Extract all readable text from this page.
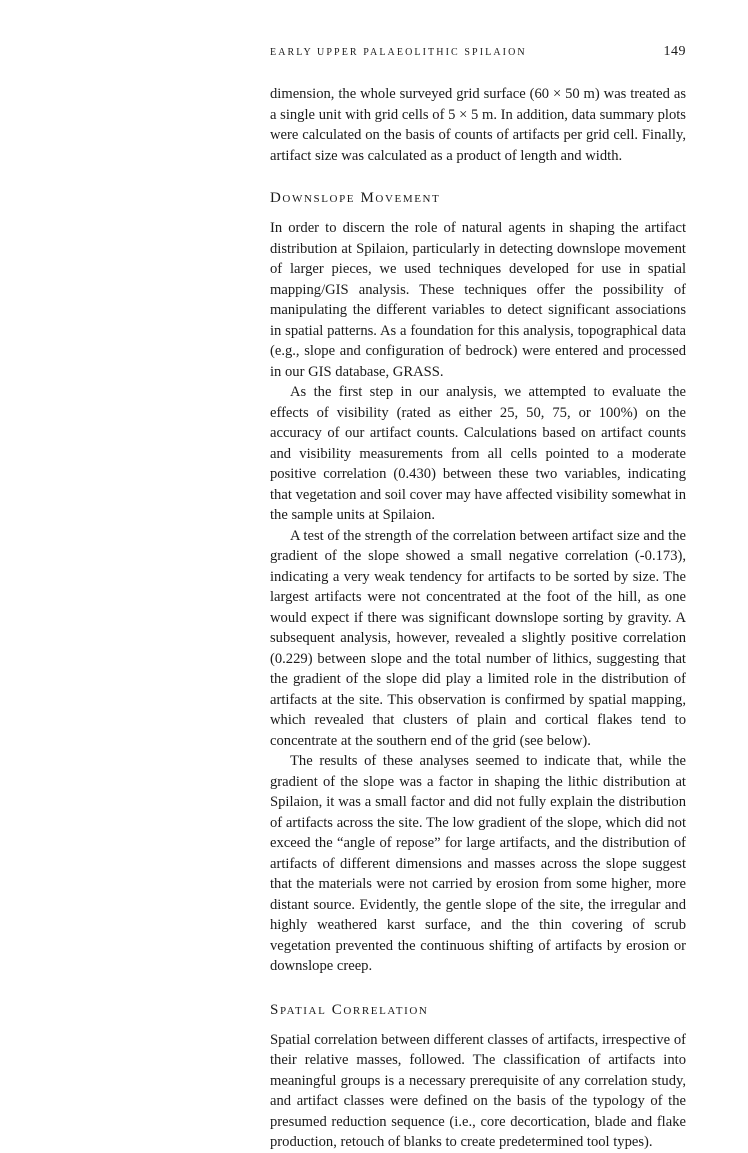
EARLY UPPER PALAEOLITHIC SPILAION	149

dimension, the whole surveyed grid surface (60 × 50 m) was treated as a single unit with grid cells of 5 × 5 m. In addition, data summary plots were calculated on the basis of counts of artifacts per grid cell. Finally, artifact size was calculated as a product of length and width.

Downslope Movement

In order to discern the role of natural agents in shaping the artifact distribution at Spilaion, particularly in detecting downslope movement of larger pieces, we used techniques developed for use in spatial mapping/GIS analysis. These techniques offer the possibility of manipulating the different variables to detect significant associations in spatial patterns. As a foundation for this analysis, topographical data (e.g., slope and configuration of bedrock) were entered and processed in our GIS database, GRASS.

As the first step in our analysis, we attempted to evaluate the effects of visibility (rated as either 25, 50, 75, or 100%) on the accuracy of our artifact counts. Calculations based on artifact counts and visibility measurements from all cells pointed to a moderate positive correlation (0.430) between these two variables, indicating that vegetation and soil cover may have affected visibility somewhat in the sample units at Spilaion.

A test of the strength of the correlation between artifact size and the gradient of the slope showed a small negative correlation (-0.173), indicating a very weak tendency for artifacts to be sorted by size. The largest artifacts were not concentrated at the foot of the hill, as one would expect if there was significant downslope sorting by gravity. A subsequent analysis, however, revealed a slightly positive correlation (0.229) between slope and the total number of lithics, suggesting that the gradient of the slope did play a limited role in the distribution of artifacts at the site. This observation is confirmed by spatial mapping, which revealed that clusters of plain and cortical flakes tend to concentrate at the southern end of the grid (see below).

The results of these analyses seemed to indicate that, while the gradient of the slope was a factor in shaping the lithic distribution at Spilaion, it was a small factor and did not fully explain the distribution of artifacts across the site. The low gradient of the slope, which did not exceed the “angle of repose” for large artifacts, and the distribution of artifacts of different dimensions and masses across the slope suggest that the materials were not carried by erosion from some higher, more distant source. Evidently, the gentle slope of the site, the irregular and highly weathered karst surface, and the thin covering of scrub vegetation prevented the continuous shifting of artifacts by erosion or downslope creep.

Spatial Correlation

Spatial correlation between different classes of artifacts, irrespective of their relative masses, followed. The classification of artifacts into meaningful groups is a necessary prerequisite of any correlation study, and artifact classes were defined on the basis of the typology of the presumed reduction sequence (i.e., core decortication, blade and flake production, retouch of blanks to create predetermined tool types).
